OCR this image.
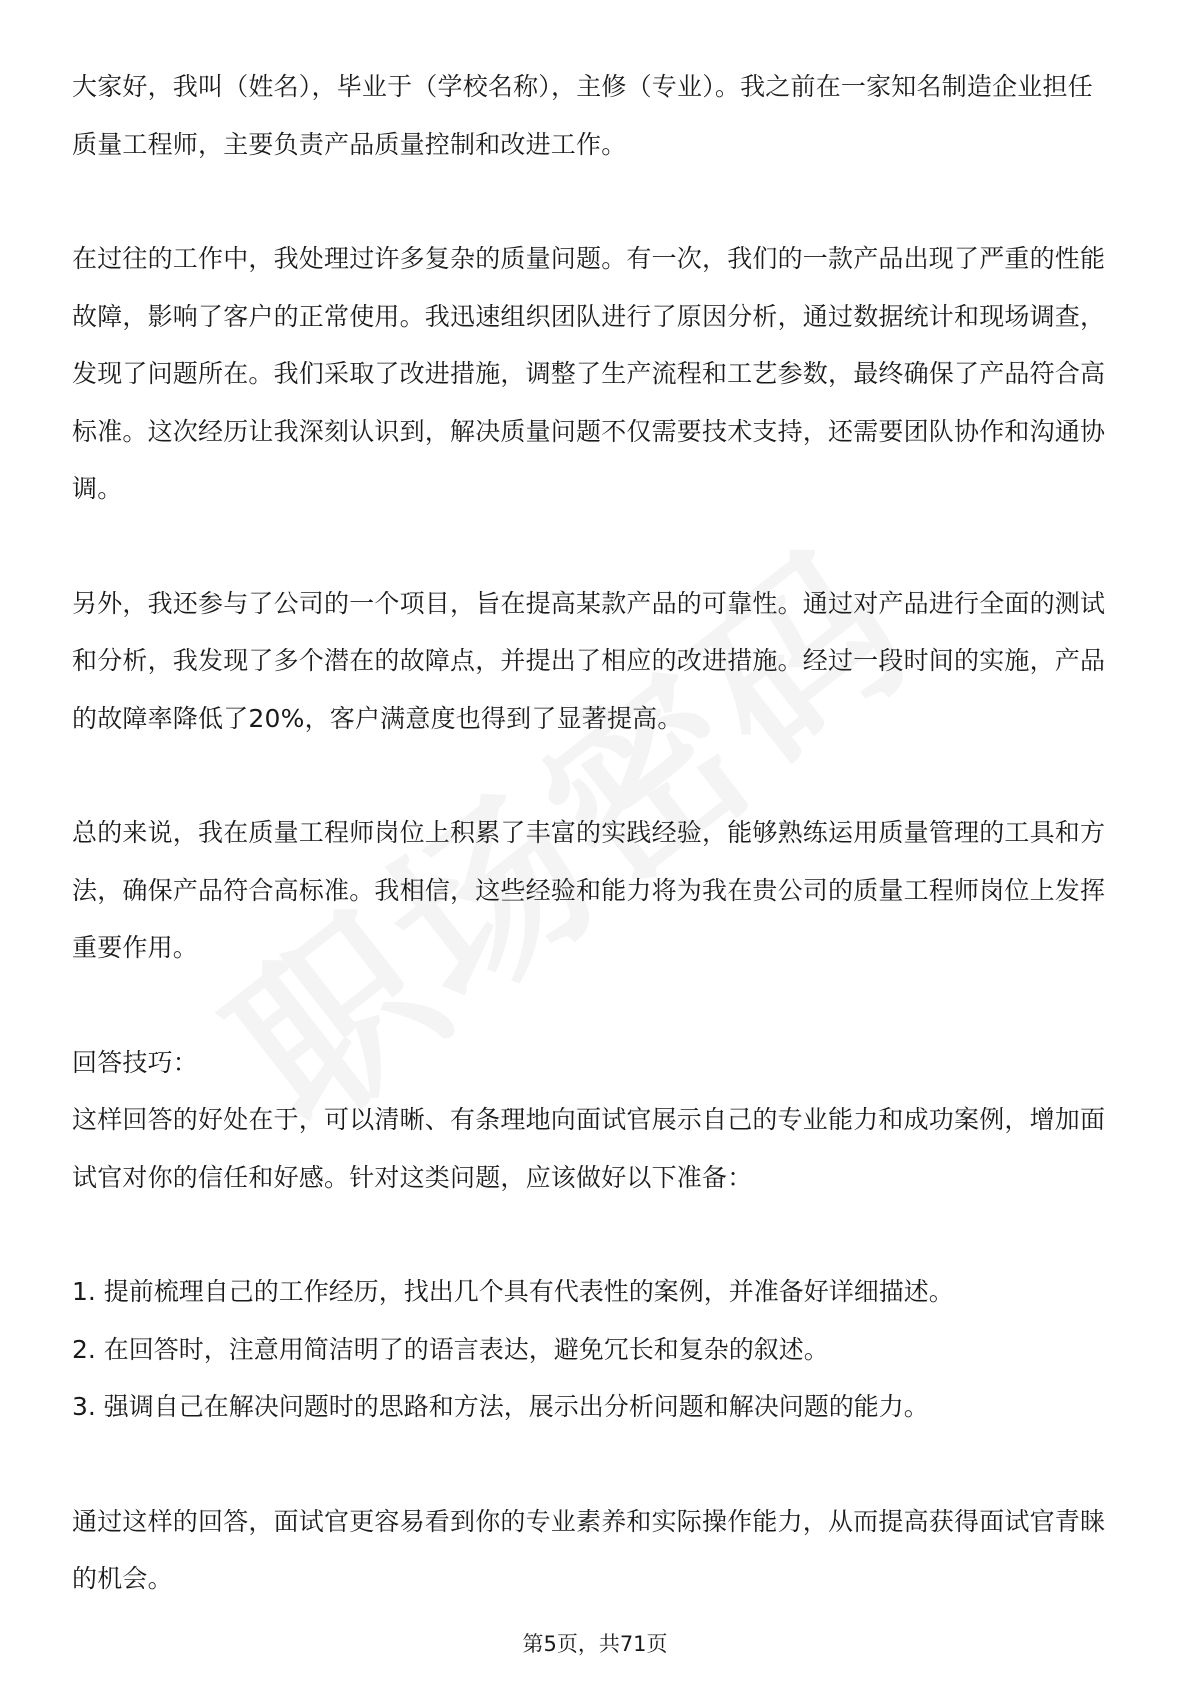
大家好，我叫（姓名），毕业于（学校名称），主修（专业）。我之前在一家知名制造企业担任质量工程师，主要负责产品质量控制和改进工作。

在过往的工作中，我处理过许多复杂的质量问题。有一次，我们的一款产品出现了严重的性能故障，影响了客户的正常使用。我迅速组织团队进行了原因分析，通过数据统计和现场调查，发现了问题所在。我们采取了改进措施，调整了生产流程和工艺参数，最终确保了产品符合高标准。这次经历让我深刻认识到，解决质量问题不仅需要技术支持，还需要团队协作和沟通协调。

另外，我还参与了公司的一个项目，旨在提高某款产品的可靠性。通过对产品进行全面的测试和分析，我发现了多个潜在的故障点，并提出了相应的改进措施。经过一段时间的实施，产品的故障率降低了20%，客户满意度也得到了显著提高。

总的来说，我在质量工程师岗位上积累了丰富的实践经验，能够熟练运用质量管理的工具和方法，确保产品符合高标准。我相信，这些经验和能力将为我在贵公司的质量工程师岗位上发挥重要作用。

回答技巧：

这样回答的好处在于，可以清晰、有条理地向面试官展示自己的专业能力和成功案例，增加面试官对你的信任和好感。针对这类问题，应该做好以下准备：

1. 提前梳理自己的工作经历，找出几个具有代表性的案例，并准备好详细描述。

2. 在回答时，注意用简洁明了的语言表达，避免冗长和复杂的叙述。

3. 强调自己在解决问题时的思路和方法，展示出分析问题和解决问题的能力。

通过这样的回答，面试官更容易看到你的专业素养和实际操作能力，从而提高获得面试官青睐的机会。

第5页，共71页
